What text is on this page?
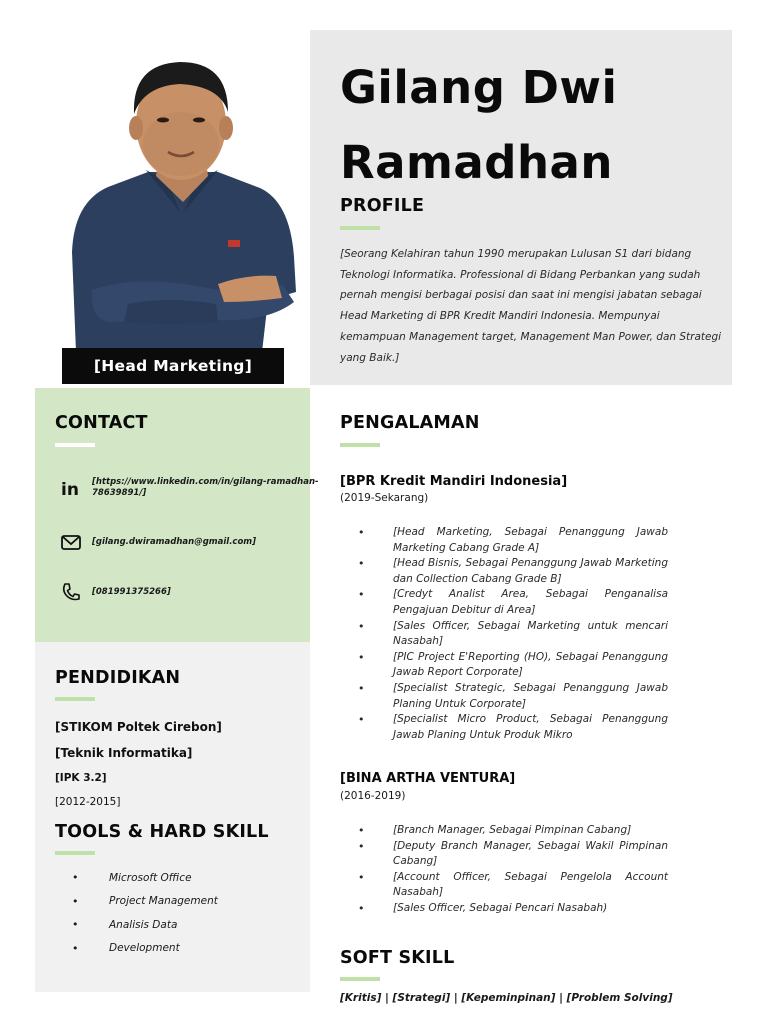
[Head Marketing]
Gilang Dwi
Ramadhan
PROFILE
[Seorang Kelahiran tahun 1990 merupakan Lulusan S1 dari bidang Teknologi Informatika. Professional di Bidang Perbankan yang sudah pernah mengisi berbagai posisi dan saat ini mengisi jabatan sebagai Head Marketing di BPR Kredit Mandiri Indonesia. Mempunyai kemampuan Management target, Management Man Power, dan Strategi yang Baik.]
CONTACT
in [https://www.linkedin.com/in/gilang-ramadhan-78639891/]
[gilang.dwiramadhan@gmail.com]
[081991375266]
PENDIDIKAN
[STIKOM Poltek Cirebon]
[Teknik Informatika]
[IPK 3.2]
[2012-2015]
TOOLS & HARD SKILL
•	Microsoft Office
•	Project Management
•	Analisis Data
•	Development
PENGALAMAN
[BPR Kredit Mandiri Indonesia]
(2019-Sekarang)
•	[Head Marketing, Sebagai Penanggung Jawab Marketing Cabang Grade A]
•	[Head Bisnis, Sebagai Penanggung Jawab Marketing dan Collection Cabang Grade B]
•	[Credyt Analist Area, Sebagai Penganalisa Pengajuan Debitur di Area]
•	[Sales Officer, Sebagai Marketing untuk mencari Nasabah]
•	[PIC Project E'Reporting (HO), Sebagai Penanggung Jawab Report Corporate]
•	[Specialist Strategic, Sebagai Penanggung Jawab Planing Untuk Corporate]
•	[Specialist Micro Product, Sebagai Penanggung Jawab Planing Untuk Produk Mikro
[BINA ARTHA VENTURA]
(2016-2019)
•	[Branch Manager, Sebagai Pimpinan Cabang]
•	[Deputy Branch Manager, Sebagai Wakil Pimpinan Cabang]
•	[Account Officer, Sebagai Pengelola Account Nasabah]
•	[Sales Officer, Sebagai Pencari Nasabah)
SOFT SKILL
[Kritis] | [Strategi] | [Kepeminpinan] | [Problem Solving]
